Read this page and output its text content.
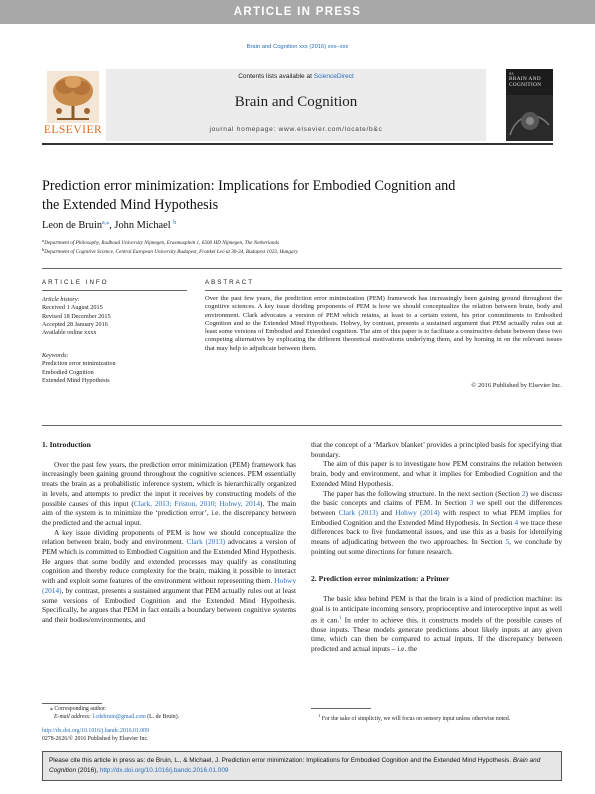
ARTICLE IN PRESS
Brain and Cognition xxx (2016) xxx–xxx
ELSEVIER
Contents lists available at ScienceDirect
Brain and Cognition
journal homepage: www.elsevier.com/locate/b&c
93
BRAIN AND COGNITION
Prediction error minimization: Implications for Embodied Cognition and
the Extended Mind Hypothesis
Leon de Bruin$^{a,⁎}$, John Michael $^b$
$^a$Department of Philosophy, Radboud University Nijmegen, Erasmusplein 1, 6500 HD Nijmegen, The Netherlands
$^b$Department of Cognitive Science, Central European University Budapest, Frankel Leó út 30-34, Budapest 1023, Hungary
ARTICLE INFO
Article history:
Received 1 August 2015
Revised 18 December 2015
Accepted 28 January 2016
Available online xxxx
Keywords:
Prediction error minimization
Embodied Cognition
Extended Mind Hypothesis
ABSTRACT
Over the past few years, the prediction error minimization (PEM) framework has increasingly been gaining ground throughout the cognitive sciences. A key issue dividing proponents of PEM is how we should conceptualize the relation between brain, body and environment. Clark advocates a version of PEM which retains, at least to a certain extent, his prior commitments to Embodied Cognition and to the Extended Mind Hypothesis. Hohwy, by contrast, presents a sustained argument that PEM actually rules out at least some versions of Embodied and Extended cognition. The aim of this paper is to facilitate a constructive debate between these two competing alternatives by explicating the different theoretical motivations underlying them, and by homing in on the relevant issues that may help to adjudicate between them.
© 2016 Published by Elsevier Inc.

1. Introduction

Over the past few years, the prediction error minimization (PEM) framework has increasingly been gaining ground throughout the cognitive sciences. PEM essentially treats the brain as a probabilistic inference system, which is hierarchically organized in levels, and attempts to predict the input it receives by constructing models of the possible causes of this input (Clark, 2013; Friston, 2010; Hohwy, 2014). The main aim of the system is to minimize the ‘prediction error’, i.e. the discrepancy between the predicted and the actual input.

A key issue dividing proponents of PEM is how we should conceptualize the relation between brain, body and environment. Clark (2013) advocates a version of PEM which is committed to Embodied Cognition and the Extended Mind Hypothesis. He argues that some bodily and extended processes may qualify as constituting cognition and thereby reduce complexity for the brain, making it possible to interact with and exploit some features of the environment without representing them. Hohwy (2014), by contrast, presents a sustained argument that PEM actually rules out at least some versions of Embodied Cognition and the Extended Mind Hypothesis. Specifically, he argues that PEM in fact entails a boundary between cognitive systems and their bodies/environments, and

that the concept of a ‘Markov blanket’ provides a principled basis for specifying that boundary.

The aim of this paper is to investigate how PEM constrains the relation between brain, body and environment, and what it implies for Embodied Cognition and the Extended Mind Hypothesis.

The paper has the following structure. In the next section (Section 2) we discuss the basic concepts and claims of PEM. In Section 3 we spell out the differences between Clark (2013) and Hohwy (2014) with respect to what PEM implies for Embodied Cognition and the Extended Mind Hypothesis. In Section 4 we trace these differences back to five fundamental issues, and use this as a basis for identifying means of adjudicating between the two approaches. In Section 5, we conclude by pointing out some directions for future research.

2. Prediction error minimization: a Primer

The basic idea behind PEM is that the brain is a kind of prediction machine: its goal is to anticipate incoming sensory, proprioceptive and interoceptive input as well as it can.$^1$ In order to achieve this, it constructs models of the possible causes of those inputs. These models generate predictions about likely inputs at any given time, which can then be compared to actual inputs. If the discrepancy between predicted and actual inputs – i.e. the

⁎ Corresponding author.
E-mail address: l.cdebruin@gmail.com (L. de Bruin).
http://dx.doi.org/10.1016/j.bandc.2016.01.009
0278-2626/© 2016 Published by Elsevier Inc.
$^1$ For the sake of simplicity, we will focus on sensory input unless otherwise noted.
Please cite this article in press as: de Bruin, L., & Michael, J. Prediction error minimization: Implications for Embodied Cognition and the Extended Mind Hypothesis. Brain and Cognition (2016), http://dx.doi.org/10.1016/j.bandc.2016.01.009
